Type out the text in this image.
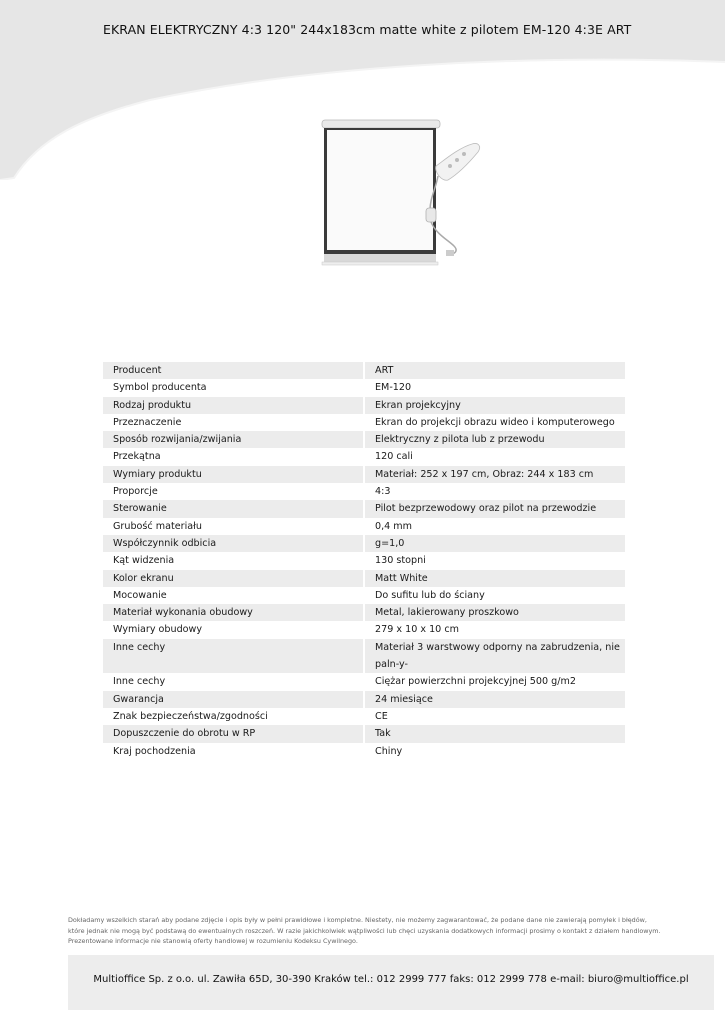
EKRAN ELEKTRYCZNY 4:3 120" 244x183cm matte white z pilotem EM-120 4:3E ART
Producent	ART
Symbol producenta	EM-120
Rodzaj produktu	Ekran projekcyjny
Przeznaczenie	Ekran do projekcji obrazu wideo i komputerowego
Sposób rozwijania/zwijania	Elektryczny z pilota lub z przewodu
Przekątna	120 cali
Wymiary produktu	Materiał: 252 x 197 cm, Obraz: 244 x 183 cm
Proporcje	4:3
Sterowanie	Pilot bezprzewodowy oraz pilot na przewodzie
Grubość materiału	0,4 mm
Współczynnik odbicia	g=1,0
Kąt widzenia	130 stopni
Kolor ekranu	Matt White
Mocowanie	Do sufitu lub do ściany
Materiał wykonania obudowy	Metal, lakierowany proszkowo
Wymiary obudowy	279 x 10 x 10 cm
Inne cechy	Materiał 3 warstwowy odporny na zabrudzenia, niepaln-y-
Inne cechy	Ciężar powierzchni projekcyjnej 500 g/m2
Gwarancja	24 miesiące
Znak bezpieczeństwa/zgodności	CE
Dopuszczenie do obrotu w RP	Tak
Kraj pochodzenia	Chiny
Dokładamy wszelkich starań aby podane zdjęcie i opis były w pełni prawidłowe i kompletne. Niestety, nie możemy zagwarantować, że podane dane nie zawierają pomyłek i błędów,
które jednak nie mogą być podstawą do ewentualnych roszczeń. W razie jakichkolwiek wątpliwości lub chęci uzyskania dodatkowych informacji prosimy o kontakt z działem handlowym.
Prezentowane informacje nie stanowią oferty handlowej w rozumieniu Kodeksu Cywilnego.
Multioffice Sp. z o.o. ul. Zawiła 65D, 30-390 Kraków tel.: 012 2999 777 faks: 012 2999 778 e-mail: biuro@multioffice.pl
